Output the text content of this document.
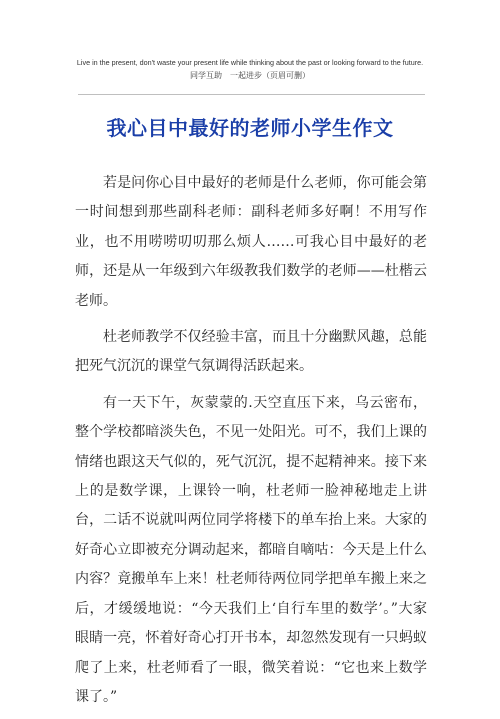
Live in the present, don't waste your present life while thinking about the past or looking forward to the future.
同学互助 一起进步（页眉可删）
我心目中最好的老师小学生作文

若是问你心目中最好的老师是什么老师，你可能会第一时间想到那些副科老师：副科老师多好啊！不用写作业，也不用唠唠叨叨那么烦人……可我心目中最好的老师，还是从一年级到六年级教我们数学的老师——杜楷云老师。

杜老师教学不仅经验丰富，而且十分幽默风趣，总能把死气沉沉的课堂气氛调得活跃起来。

有一天下午，灰蒙蒙的.天空直压下来，乌云密布，整个学校都暗淡失色，不见一处阳光。可不，我们上课的情绪也跟这天气似的，死气沉沉，提不起精神来。接下来上的是数学课，上课铃一响，杜老师一脸神秘地走上讲台，二话不说就叫两位同学将楼下的单车抬上来。大家的好奇心立即被充分调动起来，都暗自嘀咕：今天是上什么内容？竟搬单车上来！杜老师待两位同学把单车搬上来之后，才缓缓地说：“今天我们上‘自行车里的数学’。”大家眼睛一亮，怀着好奇心打开书本，却忽然发现有一只蚂蚁爬了上来，杜老师看了一眼，微笑着说：“它也来上数学课了。”
